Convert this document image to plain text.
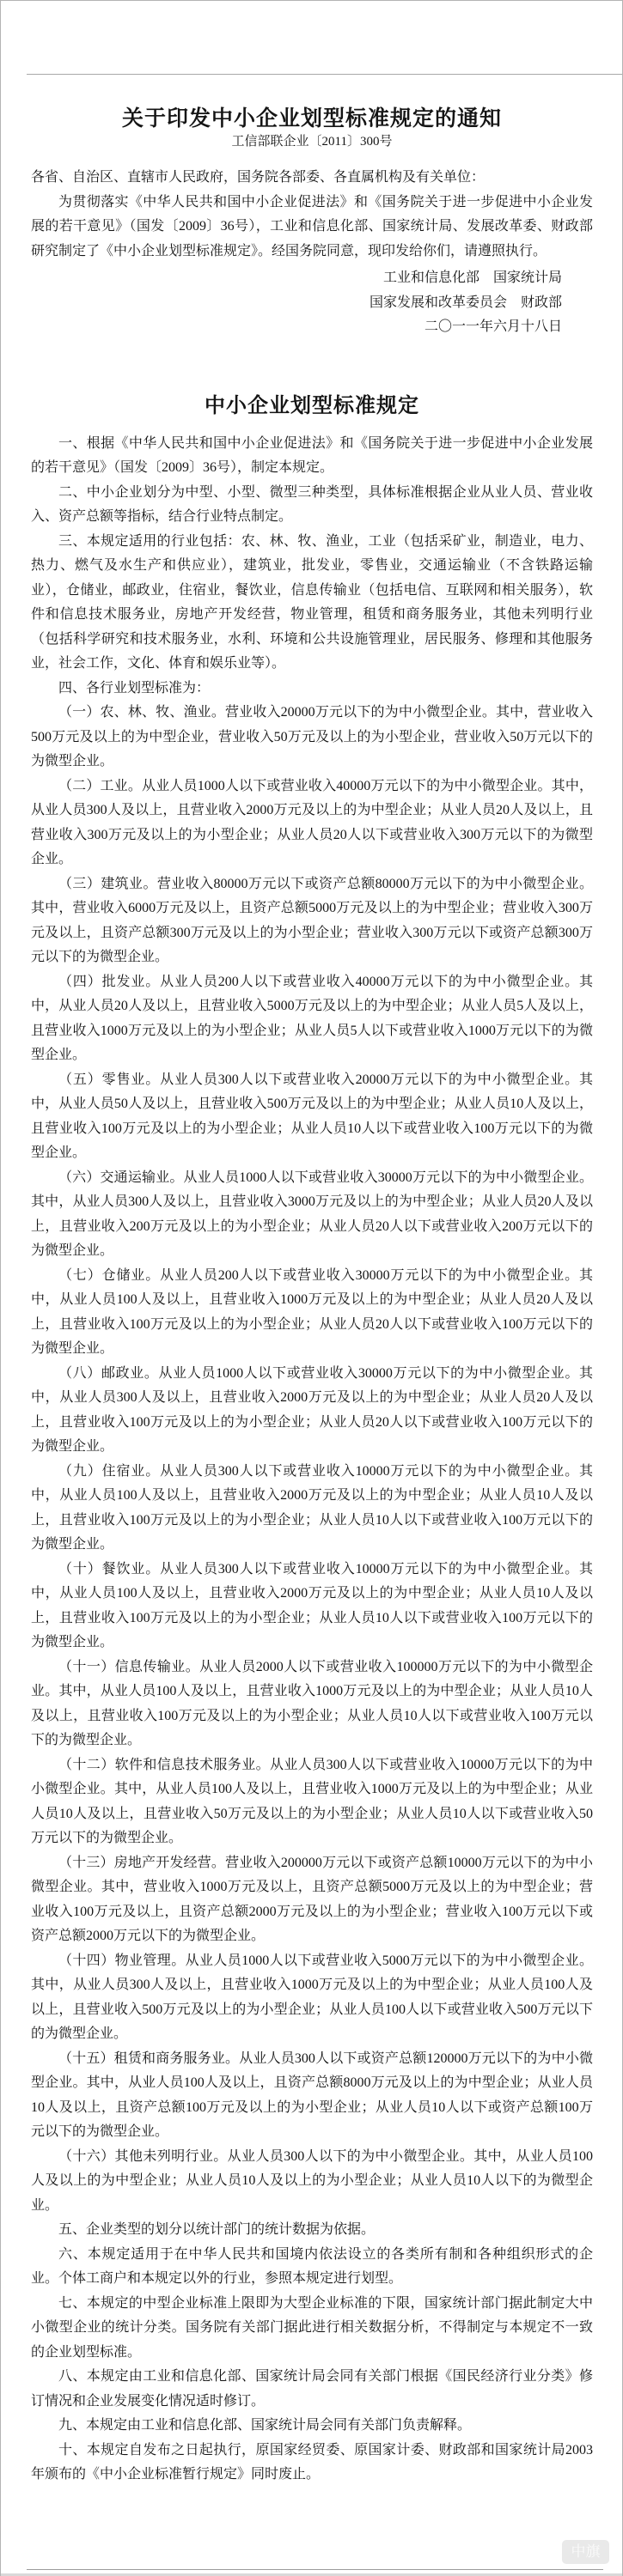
关于印发中小企业划型标准规定的通知
工信部联企业〔2011〕300号

各省、自治区、直辖市人民政府，国务院各部委、各直属机构及有关单位：

为贯彻落实《中华人民共和国中小企业促进法》和《国务院关于进一步促进中小企业发展的若干意见》（国发〔2009〕36号），工业和信息化部、国家统计局、发展改革委、财政部研究制定了《中小企业划型标准规定》。经国务院同意，现印发给你们，请遵照执行。

工业和信息化部　国家统计局
国家发展和改革委员会　财政部
二〇一一年六月十八日
中小企业划型标准规定

一、根据《中华人民共和国中小企业促进法》和《国务院关于进一步促进中小企业发展的若干意见》（国发〔2009〕36号），制定本规定。

二、中小企业划分为中型、小型、微型三种类型，具体标准根据企业从业人员、营业收入、资产总额等指标，结合行业特点制定。

三、本规定适用的行业包括：农、林、牧、渔业，工业（包括采矿业，制造业，电力、热力、燃气及水生产和供应业），建筑业，批发业，零售业，交通运输业（不含铁路运输业），仓储业，邮政业，住宿业，餐饮业，信息传输业（包括电信、互联网和相关服务），软件和信息技术服务业，房地产开发经营，物业管理，租赁和商务服务业，其他未列明行业（包括科学研究和技术服务业，水利、环境和公共设施管理业，居民服务、修理和其他服务业，社会工作，文化、体育和娱乐业等）。

四、各行业划型标准为：

（一）农、林、牧、渔业。营业收入20000万元以下的为中小微型企业。其中，营业收入500万元及以上的为中型企业，营业收入50万元及以上的为小型企业，营业收入50万元以下的为微型企业。

（二）工业。从业人员1000人以下或营业收入40000万元以下的为中小微型企业。其中，从业人员300人及以上，且营业收入2000万元及以上的为中型企业；从业人员20人及以上，且营业收入300万元及以上的为小型企业；从业人员20人以下或营业收入300万元以下的为微型企业。

（三）建筑业。营业收入80000万元以下或资产总额80000万元以下的为中小微型企业。其中，营业收入6000万元及以上，且资产总额5000万元及以上的为中型企业；营业收入300万元及以上，且资产总额300万元及以上的为小型企业；营业收入300万元以下或资产总额300万元以下的为微型企业。

（四）批发业。从业人员200人以下或营业收入40000万元以下的为中小微型企业。其中，从业人员20人及以上，且营业收入5000万元及以上的为中型企业；从业人员5人及以上，且营业收入1000万元及以上的为小型企业；从业人员5人以下或营业收入1000万元以下的为微型企业。

（五）零售业。从业人员300人以下或营业收入20000万元以下的为中小微型企业。其中，从业人员50人及以上，且营业收入500万元及以上的为中型企业；从业人员10人及以上，且营业收入100万元及以上的为小型企业；从业人员10人以下或营业收入100万元以下的为微型企业。

（六）交通运输业。从业人员1000人以下或营业收入30000万元以下的为中小微型企业。其中，从业人员300人及以上，且营业收入3000万元及以上的为中型企业；从业人员20人及以上，且营业收入200万元及以上的为小型企业；从业人员20人以下或营业收入200万元以下的为微型企业。

（七）仓储业。从业人员200人以下或营业收入30000万元以下的为中小微型企业。其中，从业人员100人及以上，且营业收入1000万元及以上的为中型企业；从业人员20人及以上，且营业收入100万元及以上的为小型企业；从业人员20人以下或营业收入100万元以下的为微型企业。

（八）邮政业。从业人员1000人以下或营业收入30000万元以下的为中小微型企业。其中，从业人员300人及以上，且营业收入2000万元及以上的为中型企业；从业人员20人及以上，且营业收入100万元及以上的为小型企业；从业人员20人以下或营业收入100万元以下的为微型企业。

（九）住宿业。从业人员300人以下或营业收入10000万元以下的为中小微型企业。其中，从业人员100人及以上，且营业收入2000万元及以上的为中型企业；从业人员10人及以上，且营业收入100万元及以上的为小型企业；从业人员10人以下或营业收入100万元以下的为微型企业。

（十）餐饮业。从业人员300人以下或营业收入10000万元以下的为中小微型企业。其中，从业人员100人及以上，且营业收入2000万元及以上的为中型企业；从业人员10人及以上，且营业收入100万元及以上的为小型企业；从业人员10人以下或营业收入100万元以下的为微型企业。

（十一）信息传输业。从业人员2000人以下或营业收入100000万元以下的为中小微型企业。其中，从业人员100人及以上，且营业收入1000万元及以上的为中型企业；从业人员10人及以上，且营业收入100万元及以上的为小型企业；从业人员10人以下或营业收入100万元以下的为微型企业。

（十二）软件和信息技术服务业。从业人员300人以下或营业收入10000万元以下的为中小微型企业。其中，从业人员100人及以上，且营业收入1000万元及以上的为中型企业；从业人员10人及以上，且营业收入50万元及以上的为小型企业；从业人员10人以下或营业收入50万元以下的为微型企业。

（十三）房地产开发经营。营业收入200000万元以下或资产总额10000万元以下的为中小微型企业。其中，营业收入1000万元及以上，且资产总额5000万元及以上的为中型企业；营业收入100万元及以上，且资产总额2000万元及以上的为小型企业；营业收入100万元以下或资产总额2000万元以下的为微型企业。

（十四）物业管理。从业人员1000人以下或营业收入5000万元以下的为中小微型企业。其中，从业人员300人及以上，且营业收入1000万元及以上的为中型企业；从业人员100人及以上，且营业收入500万元及以上的为小型企业；从业人员100人以下或营业收入500万元以下的为微型企业。

（十五）租赁和商务服务业。从业人员300人以下或资产总额120000万元以下的为中小微型企业。其中，从业人员100人及以上，且资产总额8000万元及以上的为中型企业；从业人员10人及以上，且资产总额100万元及以上的为小型企业；从业人员10人以下或资产总额100万元以下的为微型企业。

（十六）其他未列明行业。从业人员300人以下的为中小微型企业。其中，从业人员100人及以上的为中型企业；从业人员10人及以上的为小型企业；从业人员10人以下的为微型企业。

五、企业类型的划分以统计部门的统计数据为依据。

六、本规定适用于在中华人民共和国境内依法设立的各类所有制和各种组织形式的企业。个体工商户和本规定以外的行业，参照本规定进行划型。

七、本规定的中型企业标准上限即为大型企业标准的下限，国家统计部门据此制定大中小微型企业的统计分类。国务院有关部门据此进行相关数据分析，不得制定与本规定不一致的企业划型标准。

八、本规定由工业和信息化部、国家统计局会同有关部门根据《国民经济行业分类》修订情况和企业发展变化情况适时修订。

九、本规定由工业和信息化部、国家统计局会同有关部门负责解释。

十、本规定自发布之日起执行，原国家经贸委、原国家计委、财政部和国家统计局2003年颁布的《中小企业标准暂行规定》同时废止。

中旗
